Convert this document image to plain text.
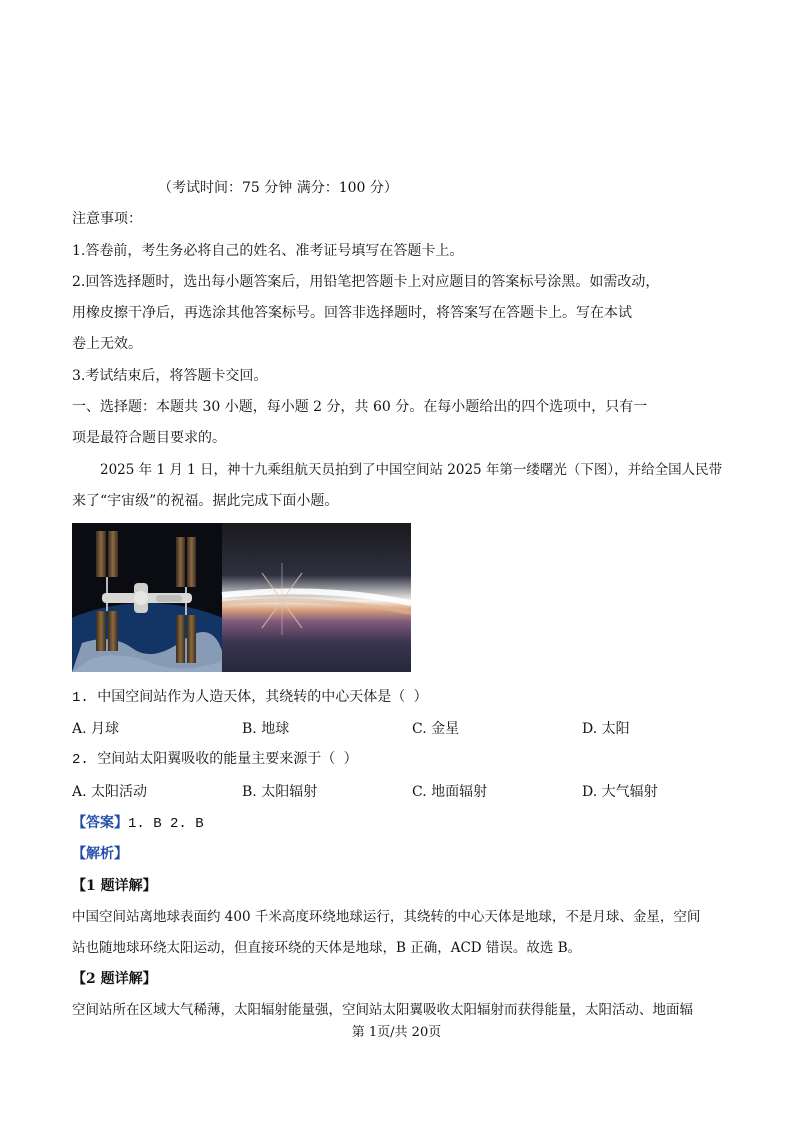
（考试时间：75 分钟 满分：100 分）
注意事项：
1.答卷前，考生务必将自己的姓名、准考证号填写在答题卡上。
2.回答选择题时，选出每小题答案后，用铅笔把答题卡上对应题目的答案标号涂黑。如需改动，
用橡皮擦干净后，再选涂其他答案标号。回答非选择题时，将答案写在答题卡上。写在本试
卷上无效。
3.考试结束后，将答题卡交回。
一、选择题：本题共 30 小题，每小题 2 分，共 60 分。在每小题给出的四个选项中，只有一
项是最符合题目要求的。
2025 年 1 月 1 日，神十九乘组航天员拍到了中国空间站 2025 年第一缕曙光（下图），并给全国人民带
来了“宇宙级”的祝福。据此完成下面小题。
1. 中国空间站作为人造天体，其绕转的中心天体是（ ）
A. 月球	B. 地球	C. 金星	D. 太阳
2. 空间站太阳翼吸收的能量主要来源于（ ）
A. 太阳活动	B. 太阳辐射	C. 地面辐射	D. 大气辐射
【答案】1. B 2. B
【解析】
【1 题详解】
中国空间站离地球表面约 400 千米高度环绕地球运行，其绕转的中心天体是地球，不是月球、金星，空间
站也随地球环绕太阳运动，但直接环绕的天体是地球，B 正确，ACD 错误。故选 B。
【2 题详解】
空间站所在区域大气稀薄，太阳辐射能量强，空间站太阳翼吸收太阳辐射而获得能量，太阳活动、地面辐
第 1页/共 20页
